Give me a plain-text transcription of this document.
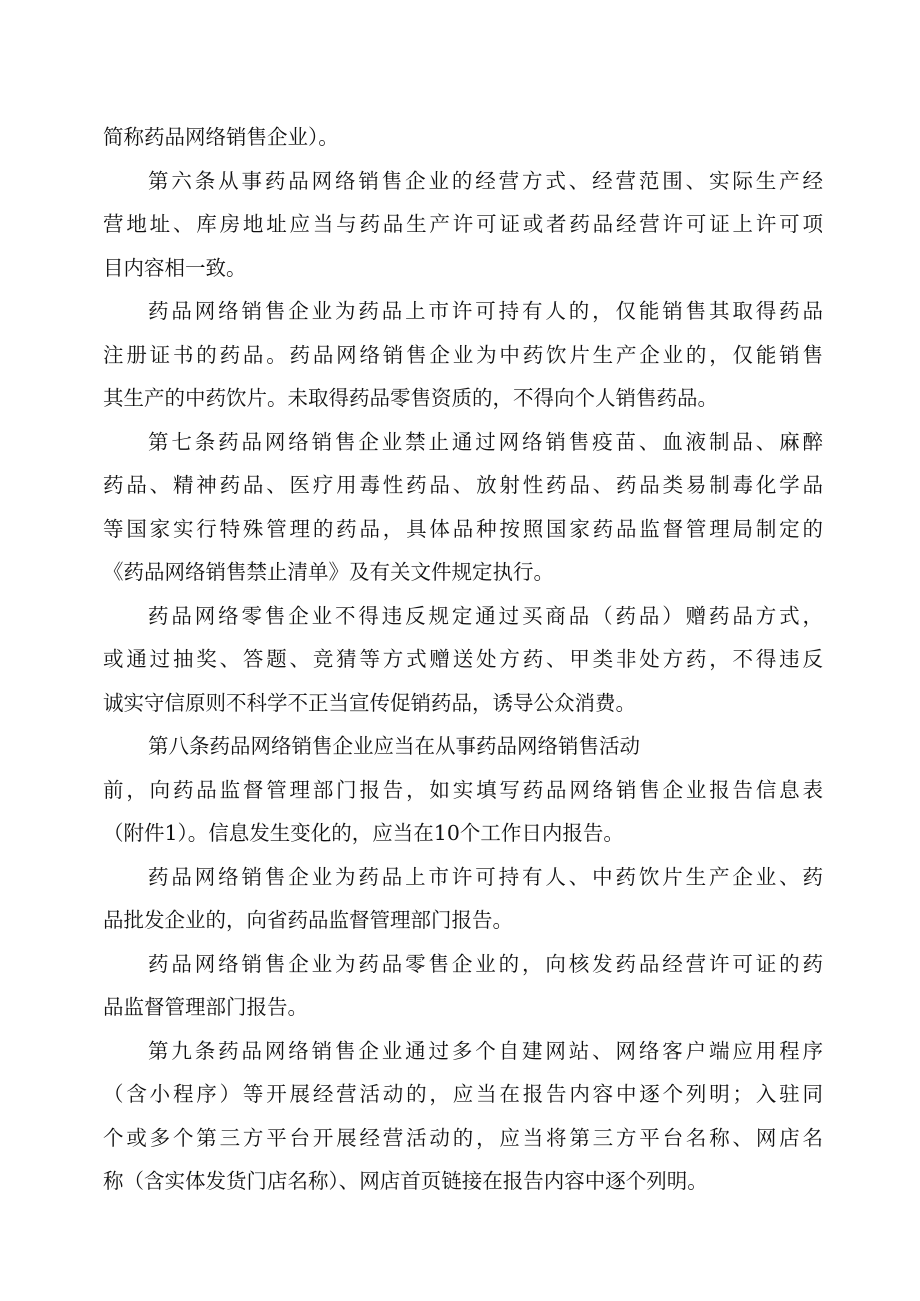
简称药品网络销售企业）。
第六条从事药品网络销售企业的经营方式、经营范围、实际生产经
营地址、库房地址应当与药品生产许可证或者药品经营许可证上许可项
目内容相一致。
药品网络销售企业为药品上市许可持有人的，仅能销售其取得药品
注册证书的药品。药品网络销售企业为中药饮片生产企业的，仅能销售
其生产的中药饮片。未取得药品零售资质的，不得向个人销售药品。
第七条药品网络销售企业禁止通过网络销售疫苗、血液制品、麻醉
药品、精神药品、医疗用毒性药品、放射性药品、药品类易制毒化学品
等国家实行特殊管理的药品，具体品种按照国家药品监督管理局制定的
《药品网络销售禁止清单》及有关文件规定执行。
药品网络零售企业不得违反规定通过买商品（药品）赠药品方式，
或通过抽奖、答题、竞猜等方式赠送处方药、甲类非处方药，不得违反
诚实守信原则不科学不正当宣传促销药品，诱导公众消费。
第八条药品网络销售企业应当在从事药品网络销售活动
前，向药品监督管理部门报告，如实填写药品网络销售企业报告信息表
（附件1）。信息发生变化的，应当在10个工作日内报告。
药品网络销售企业为药品上市许可持有人、中药饮片生产企业、药
品批发企业的，向省药品监督管理部门报告。
药品网络销售企业为药品零售企业的，向核发药品经营许可证的药
品监督管理部门报告。
第九条药品网络销售企业通过多个自建网站、网络客户端应用程序
（含小程序）等开展经营活动的，应当在报告内容中逐个列明；入驻同
个或多个第三方平台开展经营活动的，应当将第三方平台名称、网店名
称（含实体发货门店名称）、网店首页链接在报告内容中逐个列明。
